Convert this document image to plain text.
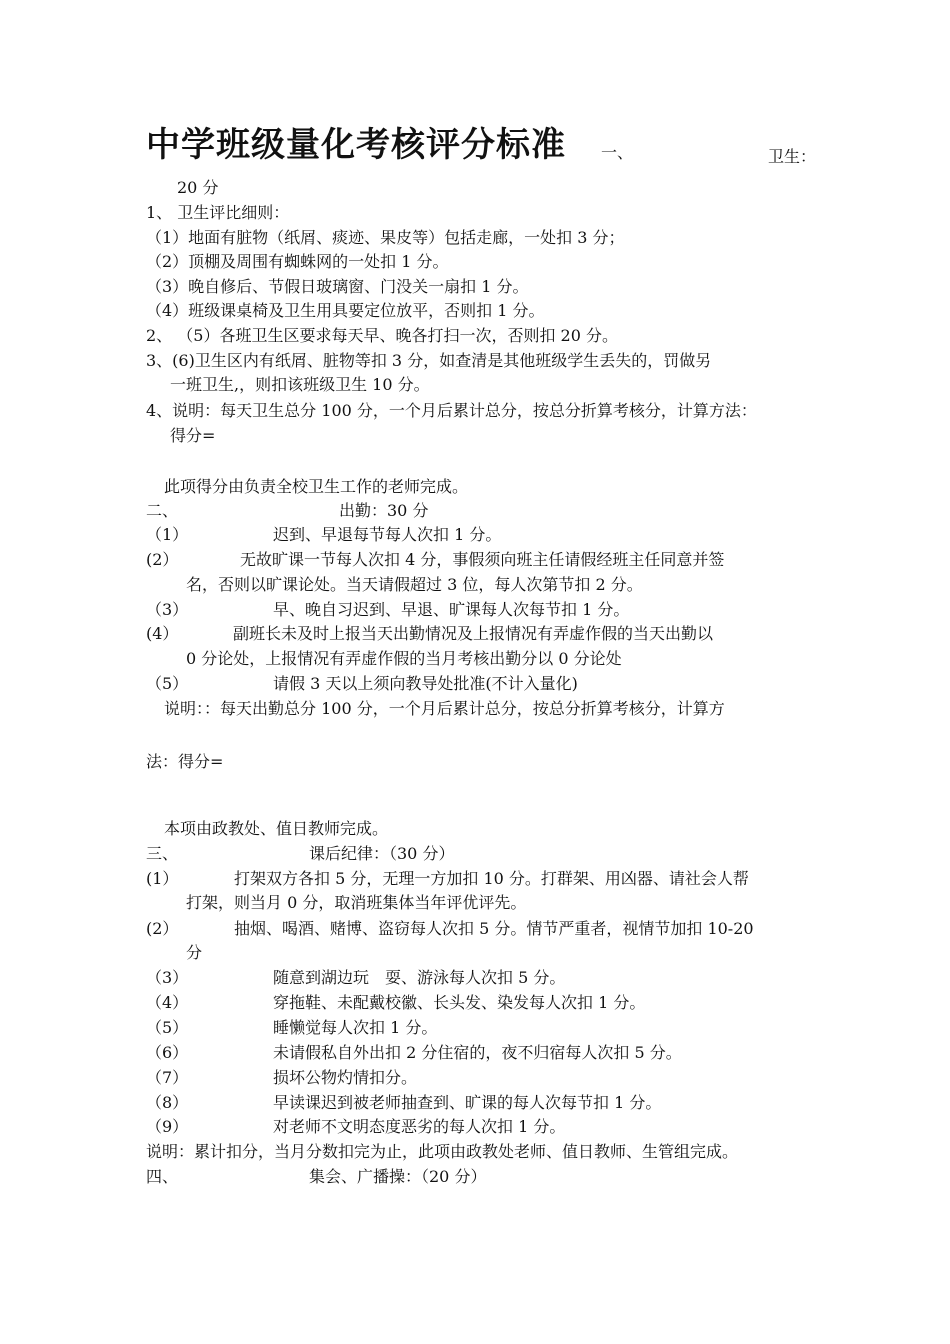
中学班级量化考核评分标准 一、	卫生：
20 分
1、 卫生评比细则：
（1）地面有脏物（纸屑、痰迹、果皮等）包括走廊，一处扣 3 分；
（2）顶棚及周围有蜘蛛网的一处扣 1 分。
（3）晚自修后、节假日玻璃窗、门没关一扇扣 1 分。
（4）班级课桌椅及卫生用具要定位放平，否则扣 1 分。
2、 （5）各班卫生区要求每天早、晚各打扫一次，否则扣 20 分。
3、(6)卫生区内有纸屑、脏物等扣 3 分，如查清是其他班级学生丢失的，罚做另
一班卫生,，则扣该班级卫生 10 分。
4、说明：每天卫生总分 100 分，一个月后累计总分，按总分折算考核分，计算方法：
得分=
此项得分由负责全校卫生工作的老师完成。
二、	出勤：30 分
（1）	迟到、早退每节每人次扣 1 分。
(2）	无故旷课一节每人次扣 4 分，事假须向班主任请假经班主任同意并签
名，否则以旷课论处。当天请假超过 3 位，每人次第节扣 2 分。
（3）	早、晚自习迟到、早退、旷课每人次每节扣 1 分。
(4）	副班长未及时上报当天出勤情况及上报情况有弄虚作假的当天出勤以
0 分论处，上报情况有弄虚作假的当月考核出勤分以 0 分论处
（5）	请假 3 天以上须向教导处批准(不计入量化)
说明：：每天出勤总分 100 分，一个月后累计总分，按总分折算考核分，计算方
法：得分=
本项由政教处、值日教师完成。
三、	课后纪律：（30 分）
(1）	打架双方各扣 5 分，无理一方加扣 10 分。打群架、用凶器、请社会人帮
打架，则当月 0 分，取消班集体当年评优评先。
(2）	抽烟、喝酒、赌博、盗窃每人次扣 5 分。情节严重者，视情节加扣 10-20
分
（3）	随意到湖边玩　耍、游泳每人次扣 5 分。
（4）	穿拖鞋、未配戴校徽、长头发、染发每人次扣 1 分。
（5）	睡懒觉每人次扣 1 分。
（6）	未请假私自外出扣 2 分住宿的，夜不归宿每人次扣 5 分。
（7）	损坏公物灼情扣分。
（8）	早读课迟到被老师抽查到、旷课的每人次每节扣 1 分。
（9）	对老师不文明态度恶劣的每人次扣 1 分。
说明：累计扣分，当月分数扣完为止，此项由政教处老师、值日教师、生管组完成。
四、	集会、广播操：（20 分）
